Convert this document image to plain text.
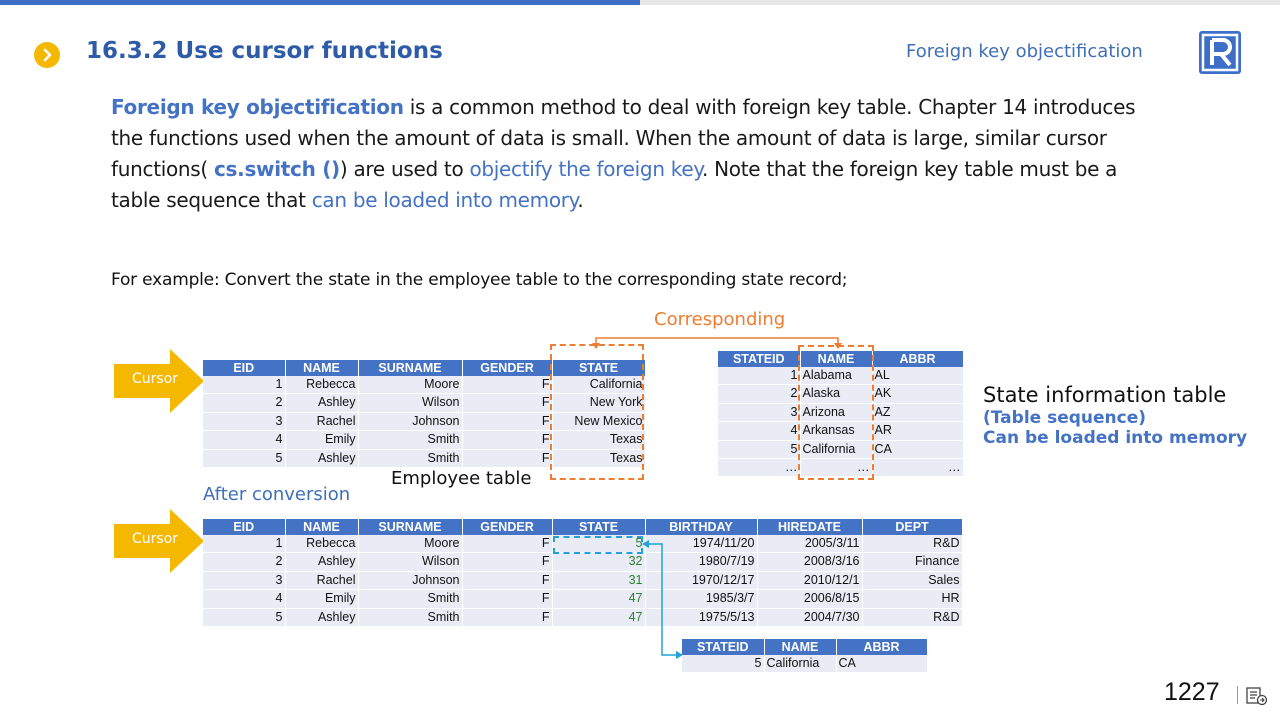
16.3.2 Use cursor functions	Foreign key objectification
Foreign key objectification is a common method to deal with foreign key table. Chapter 14 introduces the functions used when the amount of data is small. When the amount of data is large, similar cursor functions( cs.switch ()) are used to objectify the foreign key. Note that the foreign key table must be a table sequence that can be loaded into memory.
For example: Convert the state in the employee table to the corresponding state record;
Corresponding
Cursor
EID	NAME	SURNAME	GENDER	STATE
1	Rebecca	Moore	F	California
2	Ashley	Wilson	F	New York
3	Rachel	Johnson	F	New Mexico
4	Emily	Smith	F	Texas
5	Ashley	Smith	F	Texas
Employee table
STATEID	NAME	ABBR
1	Alabama	AL
2	Alaska	AK
3	Arizona	AZ
4	Arkansas	AR
5	California	CA
…	…	…
State information table
(Table sequence)
Can be loaded into memory
After conversion
Cursor
EID	NAME	SURNAME	GENDER	STATE	BIRTHDAY	HIREDATE	DEPT
1	Rebecca	Moore	F	5	1974/11/20	2005/3/11	R&D
2	Ashley	Wilson	F	32	1980/7/19	2008/3/16	Finance
3	Rachel	Johnson	F	31	1970/12/17	2010/12/1	Sales
4	Emily	Smith	F	47	1985/3/7	2006/8/15	HR
5	Ashley	Smith	F	47	1975/5/13	2004/7/30	R&D
STATEID	NAME	ABBR
5	California	CA
1227
